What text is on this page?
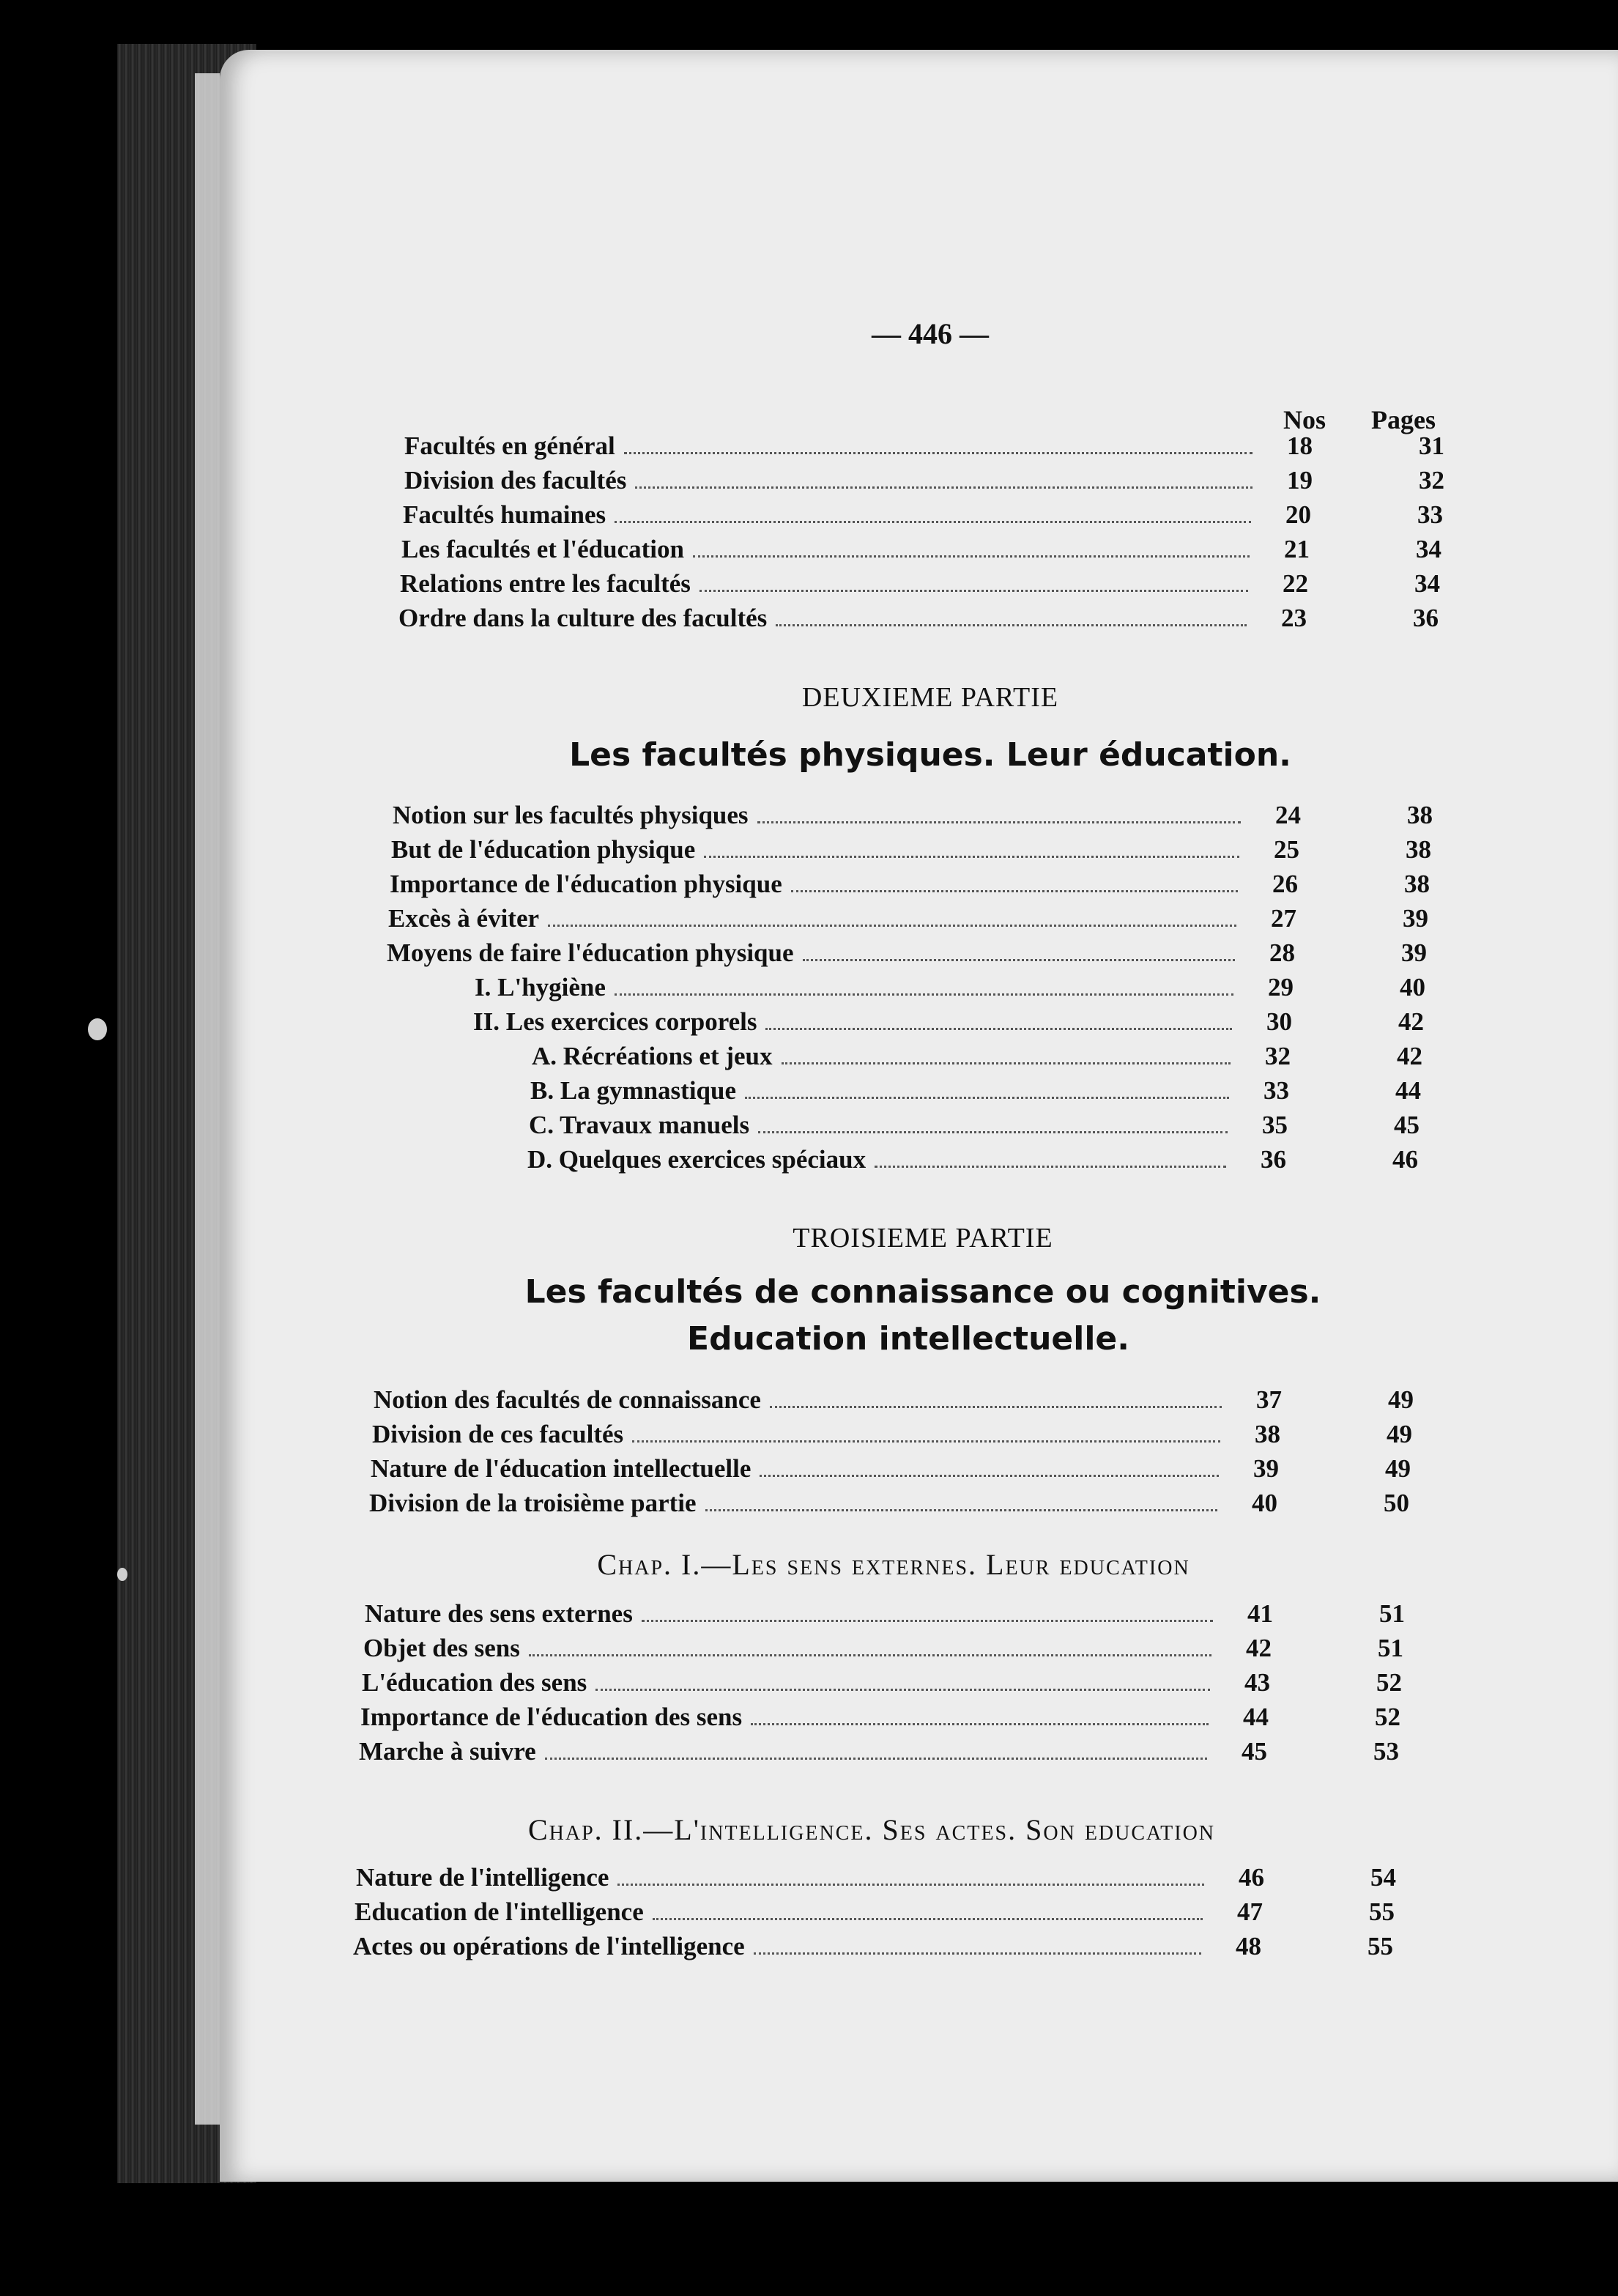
— 446 —
Nos Pages
Facultés en général	18	31
Division des facultés	19	32
Facultés humaines	20	33
Les facultés et l'éducation	21	34
Relations entre les facultés	22	34
Ordre dans la culture des facultés	23	36
DEUXIEME PARTIE
Les facultés physiques. Leur éducation.
Notion sur les facultés physiques	24	38
But de l'éducation physique	25	38
Importance de l'éducation physique	26	38
Excès à éviter	27	39
Moyens de faire l'éducation physique	28	39
I. L'hygiène	29	40
II. Les exercices corporels	30	42
A. Récréations et jeux	32	42
B. La gymnastique	33	44
C. Travaux manuels	35	45
D. Quelques exercices spéciaux	36	46
TROISIEME PARTIE
Les facultés de connaissance ou cognitives.
Education intellectuelle.
Notion des facultés de connaissance	37	49
Division de ces facultés	38	49
Nature de l'éducation intellectuelle	39	49
Division de la troisième partie	40	50
Chap. I.—Les sens externes. Leur education
Nature des sens externes	41	51
Objet des sens	42	51
L'éducation des sens	43	52
Importance de l'éducation des sens	44	52
Marche à suivre	45	53
Chap. II.—L'intelligence. Ses actes. Son education
Nature de l'intelligence	46	54
Education de l'intelligence	47	55
Actes ou opérations de l'intelligence	48	55
